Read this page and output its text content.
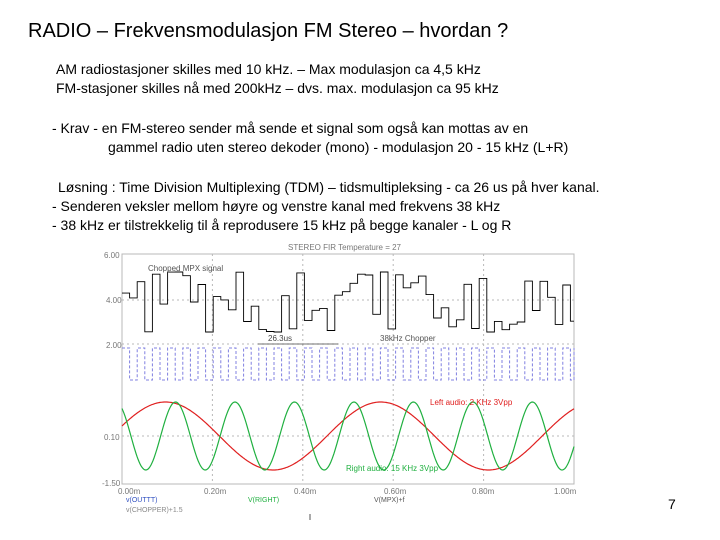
RADIO – Frekvensmodulasjon FM Stereo – hvordan ?
AM radiostasjoner skilles med 10 kHz. – Max modulasjon ca 4,5 kHz
FM-stasjoner skilles nå med 200kHz – dvs. max. modulasjon ca 95 kHz
- Krav - en FM-stereo sender må sende et signal som også kan mottas av en
gammel radio uten stereo dekoder (mono) - modulasjon 20 - 15 kHz (L+R)
Løsning : Time Division Multiplexing (TDM) – tidsmultipleksing - ca 26 us på hver kanal.
- Senderen veksler mellom høyre og venstre kanal med frekvens 38 kHz
- 38 kHz er tilstrekkelig til å reprodusere 15 kHz på begge kanaler - L og R
STEREO FIR Temperature = 27
6.00
4.00
2.00
0.10
-1.50
0.00m	0.20m	0.40m	0.60m	0.80m	1.00m
Chopped MPX signal
26.3us	38kHz Chopper
Left audio: 2 KHz 3Vpp
Right audio: 15 KHz 3Vpp
v(OUTTT)
v(CHOPPER)+1.5
V(RIGHT)	V(MPX)+f	7
